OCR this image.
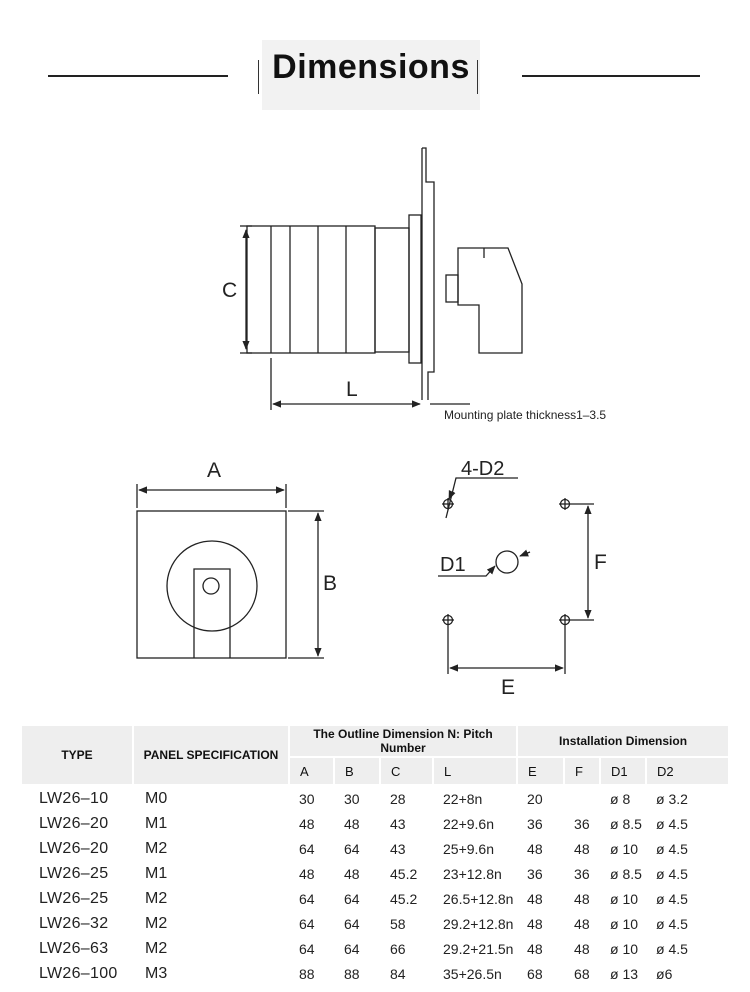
Dimensions
C
L
Mounting plate thickness1–3.5
A
B
4-D2
D1	F
E
TYPE	PANEL SPECIFICATION	The Outline Dimension N: Pitch Number				Installation Dimension			
		A	B	C	L	E	F	D1	D2
LW26–10	M0	30	30	28	22+8n	20		ø 8	ø 3.2
LW26–20	M1	48	48	43	22+9.6n	36	36	ø 8.5	ø 4.5
LW26–20	M2	64	64	43	25+9.6n	48	48	ø 10	ø 4.5
LW26–25	M1	48	48	45.2	23+12.8n	36	36	ø 8.5	ø 4.5
LW26–25	M2	64	64	45.2	26.5+12.8n	48	48	ø 10	ø 4.5
LW26–32	M2	64	64	58	29.2+12.8n	48	48	ø 10	ø 4.5
LW26–63	M2	64	64	66	29.2+21.5n	48	48	ø 10	ø 4.5
LW26–100	M3	88	88	84	35+26.5n	68	68	ø 13	ø6
